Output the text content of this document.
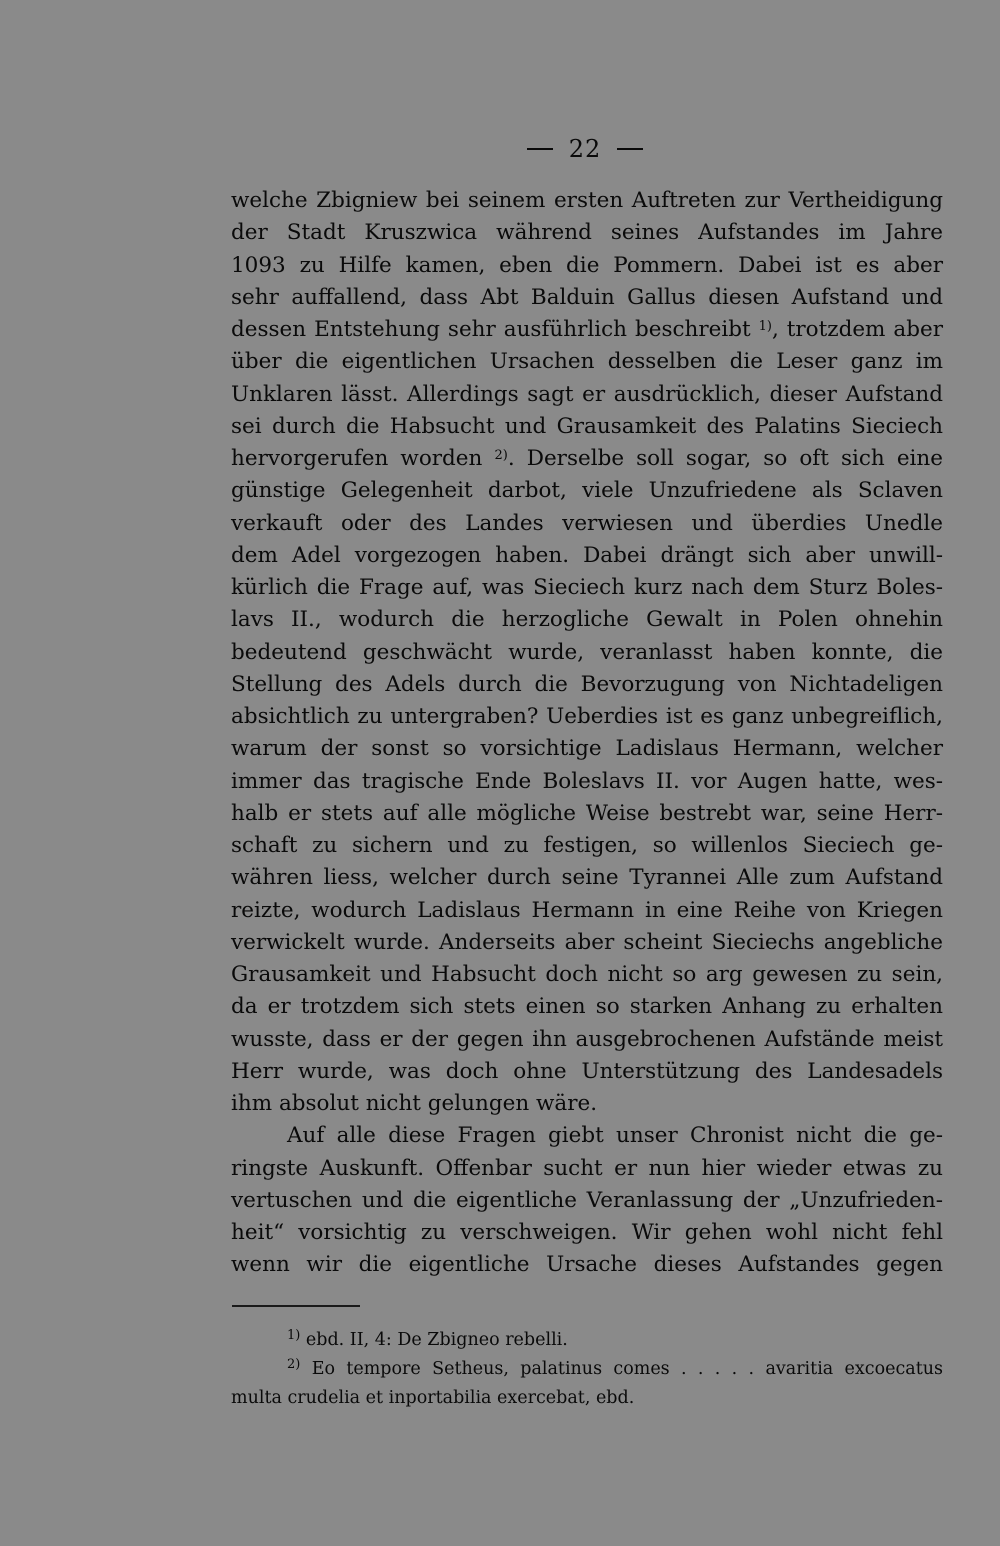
22
welche Zbigniew bei seinem ersten Auftreten zur Vertheidigung
der Stadt Kruszwica während seines Aufstandes im Jahre
1093 zu Hilfe kamen, eben die Pommern. Dabei ist es aber
sehr auffallend, dass Abt Balduin Gallus diesen Aufstand und
dessen Entstehung sehr ausführlich beschreibt $^{1)}$, trotzdem aber
über die eigentlichen Ursachen desselben die Leser ganz im
Unklaren lässt. Allerdings sagt er ausdrücklich, dieser Aufstand
sei durch die Habsucht und Grausamkeit des Palatins Sieciech
hervorgerufen worden $^{2)}$. Derselbe soll sogar, so oft sich eine
günstige Gelegenheit darbot, viele Unzufriedene als Sclaven
verkauft oder des Landes verwiesen und überdies Unedle
dem Adel vorgezogen haben. Dabei drängt sich aber unwill-
kürlich die Frage auf, was Sieciech kurz nach dem Sturz Boles-
lavs II., wodurch die herzogliche Gewalt in Polen ohnehin
bedeutend geschwächt wurde, veranlasst haben konnte, die
Stellung des Adels durch die Bevorzugung von Nichtadeligen
absichtlich zu untergraben? Ueberdies ist es ganz unbegreiflich,
warum der sonst so vorsichtige Ladislaus Hermann, welcher
immer das tragische Ende Boleslavs II. vor Augen hatte, wes-
halb er stets auf alle mögliche Weise bestrebt war, seine Herr-
schaft zu sichern und zu festigen, so willenlos Sieciech ge-
währen liess, welcher durch seine Tyrannei Alle zum Aufstand
reizte, wodurch Ladislaus Hermann in eine Reihe von Kriegen
verwickelt wurde. Anderseits aber scheint Sieciechs angebliche
Grausamkeit und Habsucht doch nicht so arg gewesen zu sein,
da er trotzdem sich stets einen so starken Anhang zu erhalten
wusste, dass er der gegen ihn ausgebrochenen Aufstände meist
Herr wurde, was doch ohne Unterstützung des Landesadels
ihm absolut nicht gelungen wäre.
Auf alle diese Fragen giebt unser Chronist nicht die ge-
ringste Auskunft. Offenbar sucht er nun hier wieder etwas zu
vertuschen und die eigentliche Veranlassung der „Unzufrieden-
heit“ vorsichtig zu verschweigen. Wir gehen wohl nicht fehl
wenn wir die eigentliche Ursache dieses Aufstandes gegen
$^{1)}$ ebd. II, 4: De Zbigneo rebelli.
$^{2)}$ Eo tempore Setheus, palatinus comes . . . . . avaritia excoecatus
multa crudelia et inportabilia exercebat, ebd.
